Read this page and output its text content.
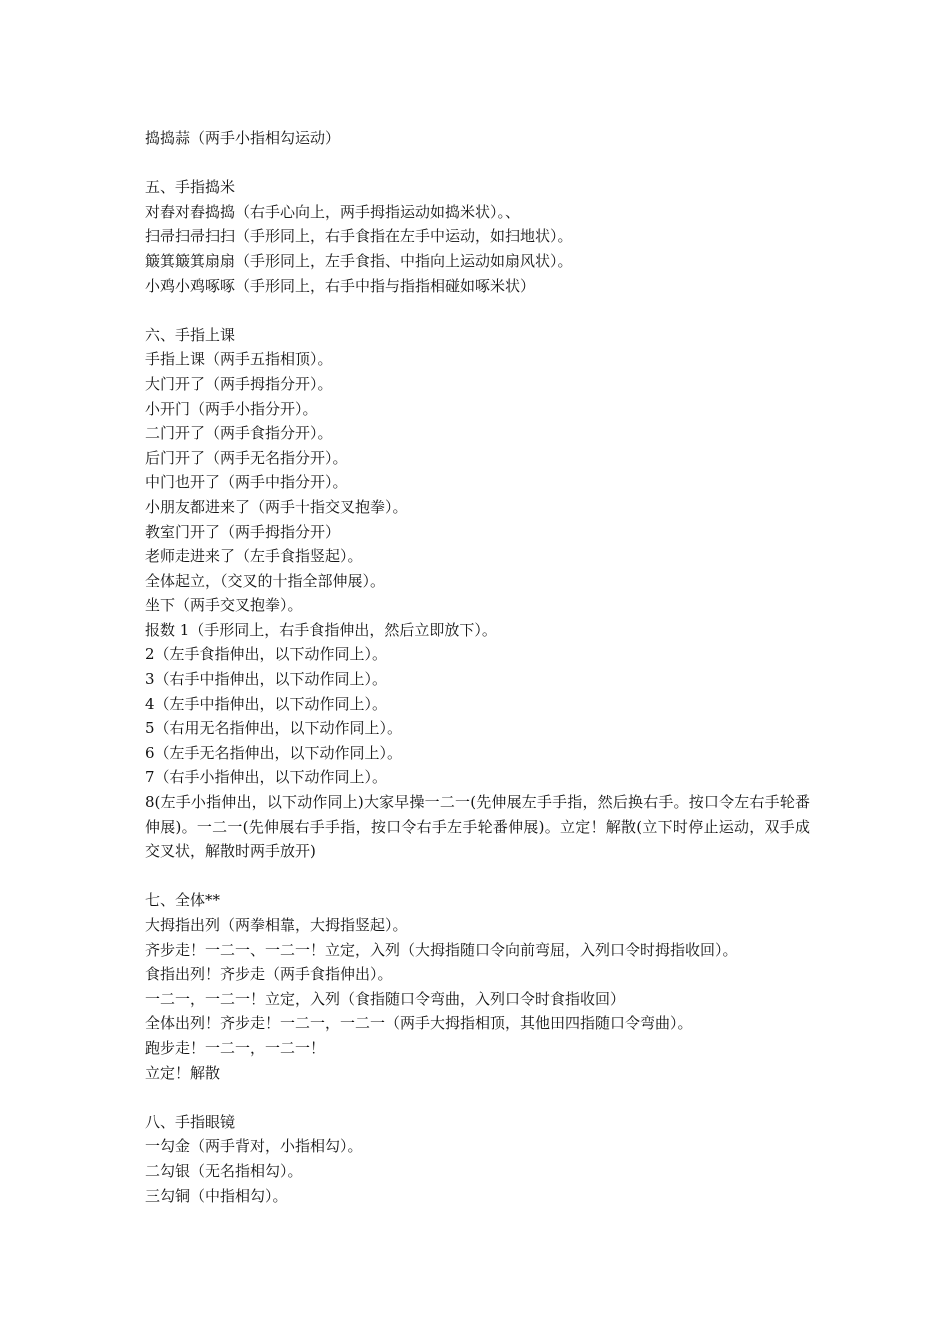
捣捣蒜（两手小指相勾运动）
五、手指捣米
对舂对舂捣捣（右手心向上，两手拇指运动如捣米状）。、
扫帚扫帚扫扫（手形同上，右手食指在左手中运动，如扫地状）。
簸箕簸箕扇扇（手形同上，左手食指、中指向上运动如扇风状）。
小鸡小鸡啄啄（手形同上，右手中指与指指相碰如啄米状）
六、手指上课
手指上课（两手五指相顶）。
大门开了（两手拇指分开）。
小开门（两手小指分开）。
二门开了（两手食指分开）。
后门开了（两手无名指分开）。
中门也开了（两手中指分开）。
小朋友都进来了（两手十指交叉抱拳）。
教室门开了（两手拇指分开）
老师走进来了（左手食指竖起）。
全体起立，（交叉的十指全部伸展）。
坐下（两手交叉抱拳）。
报数 1（手形同上，右手食指伸出，然后立即放下）。
2（左手食指伸出，以下动作同上）。
3（右手中指伸出，以下动作同上）。
4（左手中指伸出，以下动作同上）。
5（右用无名指伸出，以下动作同上）。
6（左手无名指伸出，以下动作同上）。
7（右手小指伸出，以下动作同上）。
8(左手小指伸出，以下动作同上)大家早操一二一(先伸展左手手指，然后换右手。按口令左右手轮番伸展)。一二一(先伸展右手手指，按口令右手左手轮番伸展)。立定！解散(立下时停止运动，双手成交叉状，解散时两手放开)
七、全体**
大拇指出列（两拳相靠，大拇指竖起）。
齐步走！一二一、一二一！立定，入列（大拇指随口令向前弯屈，入列口令时拇指收回）。
食指出列！齐步走（两手食指伸出）。
一二一，一二一！立定，入列（食指随口令弯曲，入列口令时食指收回）
全体出列！齐步走！一二一，一二一（两手大拇指相顶，其他田四指随口令弯曲）。
跑步走！一二一，一二一！
立定！解散
八、手指眼镜
一勾金（两手背对，小指相勾）。
二勾银（无名指相勾）。
三勾铜（中指相勾）。
